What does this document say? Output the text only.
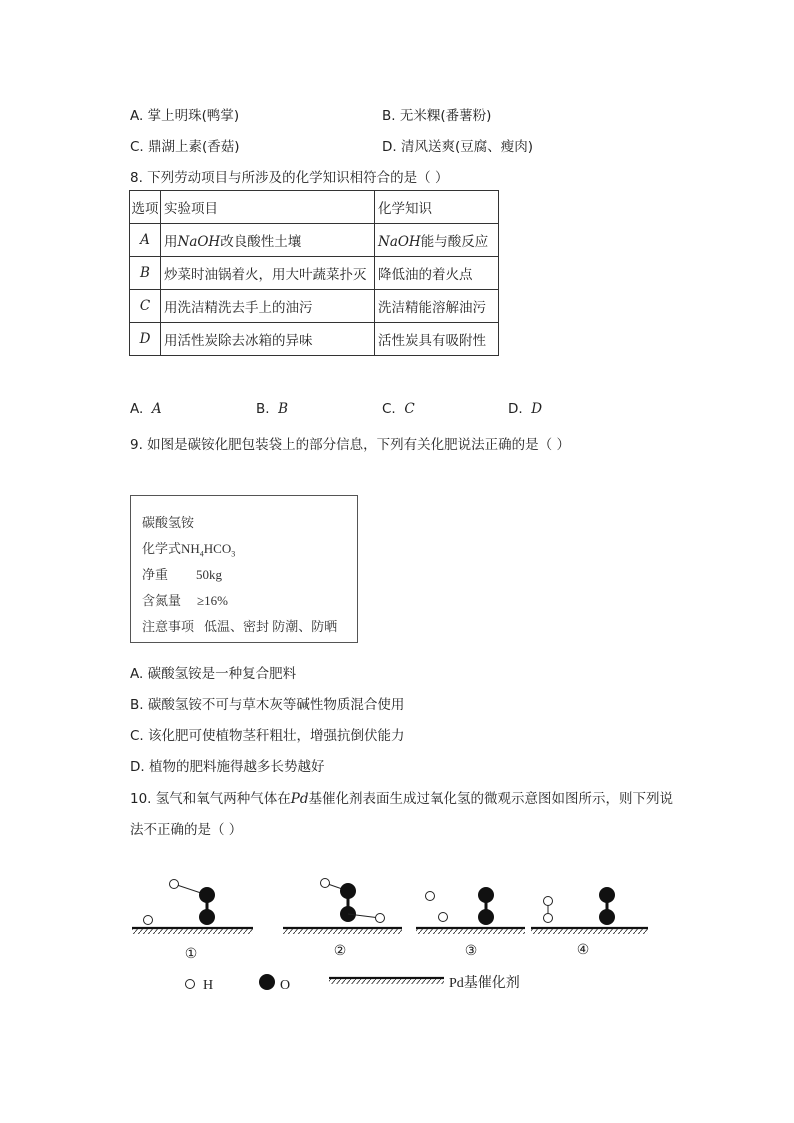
A. 掌上明珠(鸭掌)	B. 无米粿(番薯粉)
C. 鼎湖上素(香菇)	D. 清风送爽(豆腐、瘦肉)
8. 下列劳动项目与所涉及的化学知识相符合的是（ ）
选项	实验项目	化学知识
A	用NaOH改良酸性土壤	NaOH能与酸反应
B	炒菜时油锅着火，用大叶蔬菜扑灭	降低油的着火点
C	用洗洁精洗去手上的油污	洗洁精能溶解油污
D	用活性炭除去冰箱的异味	活性炭具有吸附性
A. A	B. B	C. C	D. D
9. 如图是碳铵化肥包装袋上的部分信息，下列有关化肥说法正确的是（ ）
碳酸氢铵
化学式$NH_4HCO_3$
净重 50kg
含氮量 ≥16%
注意事项 低温、密封 防潮、防晒
A. 碳酸氢铵是一种复合肥料
B. 碳酸氢铵不可与草木灰等碱性物质混合使用
C. 该化肥可使植物茎秆粗壮，增强抗倒伏能力
D. 植物的肥料施得越多长势越好
10. 氢气和氧气两种气体在Pd基催化剂表面生成过氧化氢的微观示意图如图所示，则下列说
法不正确的是（ ）
①	②	③	④
H	O	Pd基催化剂
